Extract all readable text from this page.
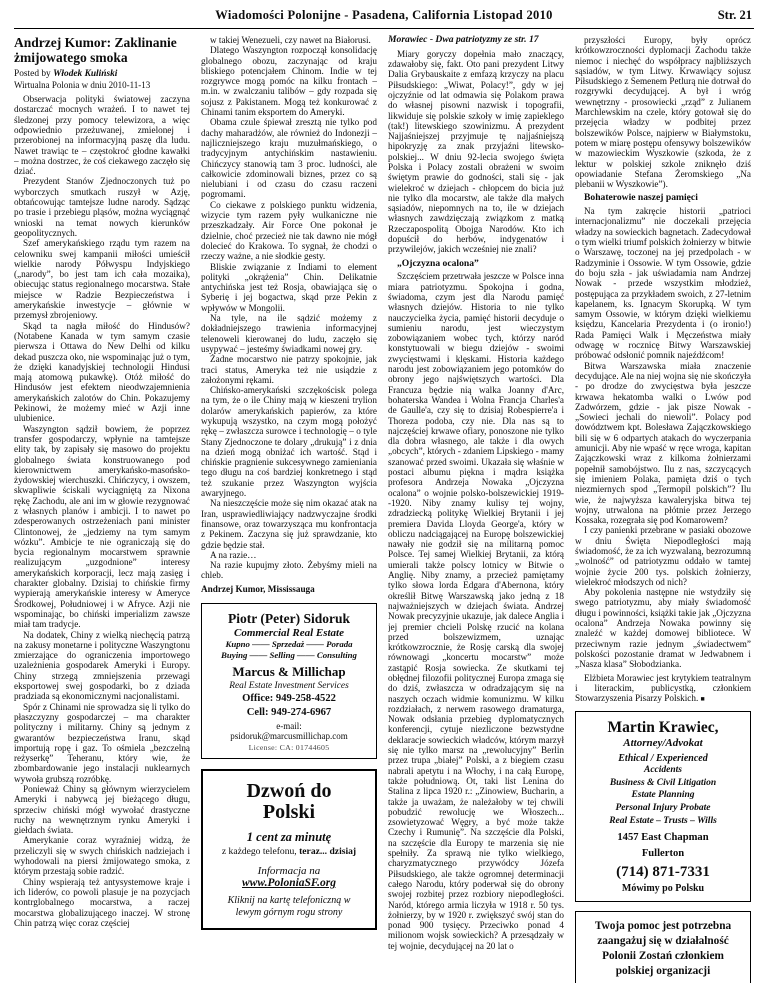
Wiadomości Polonijne - Pasadena, California Listopad 2010	Str. 21
Andrzej Kumor: Zaklinanie żmijowatego smoka
Posted by Włodek Kuliński
Wirtualna Polonia w dniu 2010-11-13

Obserwacja polityki światowej zaczyna dostarczać mocnych wrażeń. I to nawet tej śledzonej przy pomocy telewizora, a więc odpowiednio przeżuwanej, zmielonej i przerobionej na informacyjną paszę dla ludu. Nawet trawiąc te – częstokroć głodne kawałki – można dostrzec, że coś ciekawego zaczęło się dziać.

Prezydent Stanów Zjednoczonych tuż po wyborczych smutkach ruszył w Azję, obtańcowując tamtejsze ludne narody. Sądząc po trasie i przebiegu pląsów, można wyciągnąć wnioski na temat nowych kierunków geopolitycznych.

Szef amerykańskiego rządu tym razem na celowniku swej kampanii miłości umieścił wielkie narody Półwyspu Indyjskiego („narody”, bo jest tam ich cała mozaika), obiecując status regionalnego mocarstwa. Stałe miejsce w Radzie Bezpieczeństwa i amerykańskie inwestycje – głównie w przemysł zbrojeniowy.

Skąd ta nagła miłość do Hindusów? (Notabene Kanada w tym samym czasie pierwsza i Ottawa do New Delhi od kilku dekad puszcza oko, nie wspominając już o tym, że dzięki kanadyjskiej technologii Hindusi mają atomową pukawkę). Otóż miłość do Hindusów jest efektem nieodwzajemnienia amerykańskich zalotów do Chin. Pokazujemy Pekinowi, że możemy mieć w Azji inne ulubienice.

Waszyngton sądził bowiem, że poprzez transfer gospodarczy, wpłynie na tamtejsze elity tak, by zapisały się masowo do projektu globalnego świata konstruowanego pod kierownictwem amerykańsko-masońsko-żydowskiej wierchuszki. Chińczycy, i owszem, skwapliwie ściskali wyciągniętą za Nixona rękę Zachodu, ale ani im w głowie rezygnować z własnych planów i ambicji. I to nawet po zdesperowanych ostrzeżeniach pani minister Clintonowej, że „jedziemy na tym samym wózku”. Ambicje te nie ograniczają się do bycia regionalnym mocarstwem sprawnie realizującym „uzgodnione” interesy amerykańskich korporacji, lecz mają zasięg i charakter globalny. Dzisiaj to chińskie firmy wypierają amerykańskie interesy w Ameryce Środkowej, Południowej i w Afryce. Azji nie wspominając, bo chiński imperializm zawsze miał tam tradycje.

Na dodatek, Chiny z wielką niechęcią patrzą na zakusy monetarne i polityczne Waszyngtonu zmierzające do ograniczenia importowego uzależnienia gospodarek Ameryki i Europy. Chiny strzegą zmniejszenia przewagi eksportowej swej gospodarki, bo z dziada pradziada są ekonomicznymi nacjonalistami.

Spór z Chinami nie sprowadza się li tylko do płaszczyzny gospodarczej – ma charakter polityczny i militarny. Chiny są jednym z gwarantów bezpieczeństwa Iranu, skąd importują ropę i gaz. To ośmiela „bezczelną reżyserkę” Teheranu, który wie, że zbombardowanie jego instalacji nuklearnych wywoła grubszą rozróbkę.

Ponieważ Chiny są głównym wierzycielem Ameryki i nabywcą jej bieżącego długu, sprzeciw chiński mógł wywołać drastyczne ruchy na wewnętrznym rynku Ameryki i giełdach świata.

Amerykanie coraz wyraźniej widzą, że przeliczyli się w swych chińskich nadziejach i wyhodowali na piersi żmijowatego smoka, z którym przestają sobie radzić.

Chiny wspierają też antysystemowe kraje i ich liderów, co powoli plasuje je na pozycjach kontrglobalnego mocarstwa, a raczej mocarstwa globalizującego inaczej. W stronę Chin patrzą więc coraz częściej

w takiej Wenezueli, czy nawet na Białorusi.

Dlatego Waszyngton rozpoczął konsolidację globalnego obozu, zaczynając od kraju bliskiego potencjałem Chinom. Indie w tej rozgrywce mogą pomóc na kilku frontach – m.in. w zwalczaniu talibów – gdy rozpada się sojusz z Pakistanem. Mogą też konkurować z Chinami tanim eksportem do Ameryki.

Obama czule śpiewał zresztą nie tylko pod dachy maharadżów, ale również do Indonezji – najliczniejszego kraju muzułmańskiego, o tradycyjnym antychińskim nastawieniu. Chińczycy stanowią tam 3 proc. ludności, ale całkowicie zdominowali biznes, przez co są nielubiani i od czasu do czasu raczeni pogromami.

Co ciekawe z polskiego punktu widzenia, wizycie tym razem pyły wulkaniczne nie przeszkadzały. Air Force One pokonał je dzielnie, choć przecież nie tak dawno nie mógł dolecieć do Krakowa. To sygnał, że chodzi o rzeczy ważne, a nie słodkie gesty.

Bliskie związanie z Indiami to element polityki „okrążenia” Chin. Delikatnie antychińska jest też Rosja, obawiająca się o Syberię i jej bogactwa, skąd prze Pekin z wpływów w Mongolii.

Na tyle, na ile sądzić możemy z dokładniejszego trawienia informacyjnej telenoweli kierowanej do ludu, zaczęło się usypywać – jesteśmy świadkami nowej gry.

Żadne mocarstwo nie patrzy spokojnie, jak traci status, Ameryka też nie usiądzie z założonymi rękami.

Chińsko-amerykański szczękościsk polega na tym, że o ile Chiny mają w kieszeni trylion dolarów amerykańskich papierów, za które wykupują wszystko, na czym mogą położyć rękę – zwłaszcza surowce i technologię – o tyle Stany Zjednoczone te dolary „drukują” i z dnia na dzień mogą obniżać ich wartość. Stąd i chińskie pragnienie sukcesywnego zamieniania tego długu na coś bardziej konkretnego i stąd też szukanie przez Waszyngton wyjścia awaryjnego.

Na nieszczęście może się nim okazać atak na Iran, usprawiedliwiający nadzwyczajne środki finansowe, oraz towarzysząca mu konfrontacja z Pekinem. Zaczyna się już sprawdzanie, kto gdzie będzie stał.

A na razie…

Na razie kupujmy złoto. Żebyśmy mieli na chleb.

Andrzej Kumor, Mississauga
Piotr (Peter) Sidoruk
Commercial Real Estate
Kupno —— Sprzedaż —— Porada
Buying —— Selling —— Consulting
Marcus & Millichap
Real Estate Investment Services
Office: 949-258-4522
Cell: 949-274-6967
e-mail:
psidoruk@marcusmillichap.com
License: CA: 01744605
Dzwoń do
Polski
1 cent za minutę
z każdego telefonu, teraz... dzisiaj
Informacja na
www.PoloniaSF.org
Kliknij na kartę telefoniczną w lewym górnym rogu strony
Morawiec - Dwa patriotyzmy ze str. 17

Miary goryczy dopełnia mało znaczący, zdawałoby się, fakt. Oto pani prezydent Litwy Dalia Grybauskaite z emfazą krzyczy na placu Piłsudskiego: „Wiwat, Polacy!”, gdy w jej ojczyźnie od lat odmawia się Polakom prawa do własnej pisowni nazwisk i topografii, likwiduje się polskie szkoły w imię zapieklego (tak!) litewskiego szowinizmu. A prezydent Najjaśniejszej przyjmuje tę najjaśniejszą hipokryzję za znak przyjaźni litewsko-polskiej... W dniu 92-lecia swojego święta Polska i Polacy zostali obrażeni w swoim świętym prawie do godności, stali się - jak wielekroć w dziejach - chłopcem do bicia już nie tylko dla mocarstw, ale także dla małych sąsiadów, niepomnych na to, ile w dziejach własnych zawdzięczają związkom z matką Rzeczapospolitą Obojga Narodów. Kto ich dopuścił do herbów, indygenatów i przywilejów, jakich wcześniej nie znali?

„Ojczyzna ocalona”

Szczęściem przetrwała jeszcze w Polsce inna miara patriotyzmu. Spokojna i godna, świadoma, czym jest dla Narodu pamięć własnych dziejów. Historia to nie tylko nauczycielka życia, pamięć historii decyduje o sumieniu narodu, jest wieczystym zobowiązaniem wobec tych, którzy naród konstytuowali w biegu dziejów - swoimi zwycięstwami i klęskami. Historia każdego narodu jest zobowiązaniem jego potomków do obrony jego najświętszych wartości. Dla Francuza będzie nią walka Joanny d'Arc, bohaterska Wandea i Wolna Francja Charles'a de Gaulle'a, czy się to dzisiaj Robespierre'a i Thoreza podoba, czy nie. Dla nas są to najczęściej krwawe ofiary, ponoszone nie tylko dla dobra własnego, ale także i dla owych „obcych”, których - zdaniem Lipskiego - mamy szanować przed swoimi. Ukazała się właśnie w postaci albumu piękna i mądra książka profesora Andrzeja Nowaka „Ojczyzna ocalona” o wojnie polsko-bolszewickiej 1919--1920. Niby znamy kulisy tej wojny, zdradziecką politykę Wielkiej Brytanii i jej premiera Davida Lloyda George'a, który w obliczu nadciągającej na Europę bolszewickiej nawały nie godził się na militarną pomoc Polsce. Tej samej Wielkiej Brytanii, za którą umierali także polscy lotnicy w Bitwie o Anglię. Niby znamy, a przecież pamiętamy tylko słowa lorda Edgara d'Abernona, który określił Bitwę Warszawską jako jedną z 18 najważniejszych w dziejach świata. Andrzej Nowak precyzyjnie ukazuje, jak dalece Anglia i jej premier chcieli Polskę rzucić na kolana przed bolszewizmem, uznając krótkowzrocznie, że Rosję carską dla swojej równowagi „koncertu mocarstw” może zastąpić Rosja sowiecka. Ze skutkami tej obłędnej filozofii politycznej Europa zmaga się do dziś, zwłaszcza w odradzającym się na naszych oczach widmie komunizmu. W kilku rozdziałach, z nerwem rasowego dramaturga, Nowak odsłania przebieg dyplomatycznych konferencji, cytuje niezliczone bezwstydne deklaracje sowieckich władców, którym marzył się nie tylko marsz na „rewolucyjny” Berlin przez trupa „białej” Polski, a z biegiem czasu nabrali apetytu i na Włochy, i na całą Europę, także południową. Ot, taki list Lenina do Stalina z lipca 1920 r.: „Zinowiew, Bucharin, a także ja uważam, że należałoby w tej chwili pobudzić rewolucję we Włoszech... zsowietyzować Węgry, a być może także Czechy i Rumunię”. Na szczęście dla Polski, na szczęście dla Europy te marzenia się nie spełniły. Za sprawą nie tylko wielkiego, charyzmatycznego przywódcy Józefa Piłsudskiego, ale także ogromnej determinacji całego Narodu, który poderwał się do obrony swojej rozbitej przez rozbiory niepodległości. Naród, którego armia liczyła w 1918 r. 50 tys. żołnierzy, by w 1920 r. zwiększyć swój stan do ponad 900 tysięcy. Przeciwko ponad 4 milionom wojsk sowieckich? A przesądzały w tej wojnie, decydującej na 20 lat o

przyszłości Europy, były oprócz krótkowzroczności dyplomacji Zachodu także niemoc i niechęć do współpracy najbliższych sąsiadów, w tym Litwy. Krwawiący sojusz Piłsudskiego z Semenem Petlurą nie dotrwał do rozgrywki decydującej. A był i wróg wewnętrzny - prosowiecki „rząd” z Julianem Marchlewskim na czele, który gotował się do przejęcia władzy w podbitej przez bolszewików Polsce, najpierw w Białymstoku, potem w miarę postępu ofensywy bolszewików w mazowieckim Wyszkowie (szkoda, że z lektur w polskiej szkole zniknęło dziś opowiadanie Stefana Żeromskiego „Na plebanii w Wyszkowie”).

Bohaterowie naszej pamięci

Na tym zakręcie historii „patrioci internacjonalizmu” nie doczekali przejęcia władzy na sowieckich bagnetach. Zadecydował o tym wielki triumf polskich żołnierzy w bitwie o Warszawę, toczonej na jej przedpolach - w Radzyminie i Ossowie. W tym Ossowie, gdzie do boju szła - jak uświadamia nam Andrzej Nowak - przede wszystkim młodzież, postępująca za przykładem swoich, z 27-letnim kapelanem, ks. Ignacym Skorupką. W tym samym Ossowie, w którym dzięki wielkiemu księdzu, Kancelaria Prezydenta i (o ironio!) Rada Pamięci Walk i Męczeństwa miały odwagę w rocznicę Bitwy Warszawskiej próbować odsłonić pomnik najeźdźcom!

Bitwa Warszawska miała znaczenie decydujące. Ale na niej wojna się nie skończyła - po drodze do zwycięstwa była jeszcze krwawa hekatomba walki o Lwów pod Zadwórzem, gdzie - jak pisze Nowak - „Sowieci jechali do niewoli”. Polacy pod dowództwem kpt. Bolesława Zajączkowskiego bili się w 6 odpartych atakach do wyczerpania amunicji. Aby nie wpaść w ręce wroga, kapitan Zajączkowski wraz z kilkoma żołnierzami popełnił samobójstwo. Ilu z nas, szczycących się imieniem Polaka, pamięta dziś o tych niezmiernych spod „Termopil polskich”? Ilu wie, że najwyższa kawaleryjska bitwa tej wojny, utrwalona na płótnie przez Jerzego Kossaka, rozegrała się pod Komarowem?

I czy panienki przebrane w pasiaki obozowe w dniu Święta Niepodległości mają świadomość, że za ich wyzwalaną, bezrozumną „wolność” od patriotyzmu oddało w tamtej wojnie życie 200 tys. polskich żołnierzy, wielekroć młodszych od nich?

Aby pokolenia następne nie wstydziły się swego patriotyzmu, aby miały świadomość długu i powinności, książki takie jak „Ojczyzna ocalona” Andrzeja Nowaka powinny się znaleźć w każdej domowej bibliotece. W przeciwnym razie jednym „świadectwem” polskości pozostanie dramat w Jedwabnem i „Nasza klasa” Słobodzianka.

Elżbieta Morawiec jest krytykiem teatralnym i literackim, publicystką, członkiem Stowarzyszenia Pisarzy Polskich. ■

Martin Krawiec,
Attorney/Advokat
Ethical / Experienced

Accidents

Business & Civil Litigation

Estate Planning

Personal Injury Probate

Real Estate – Trusts – Wills

1457 East Chapman
Fullerton
(714) 871-7331
Mówimy po Polsku
Twoja pomoc jest potrzebna zaangażuj się w działalność Polonii Zostań członkiem polskiej organizacji
